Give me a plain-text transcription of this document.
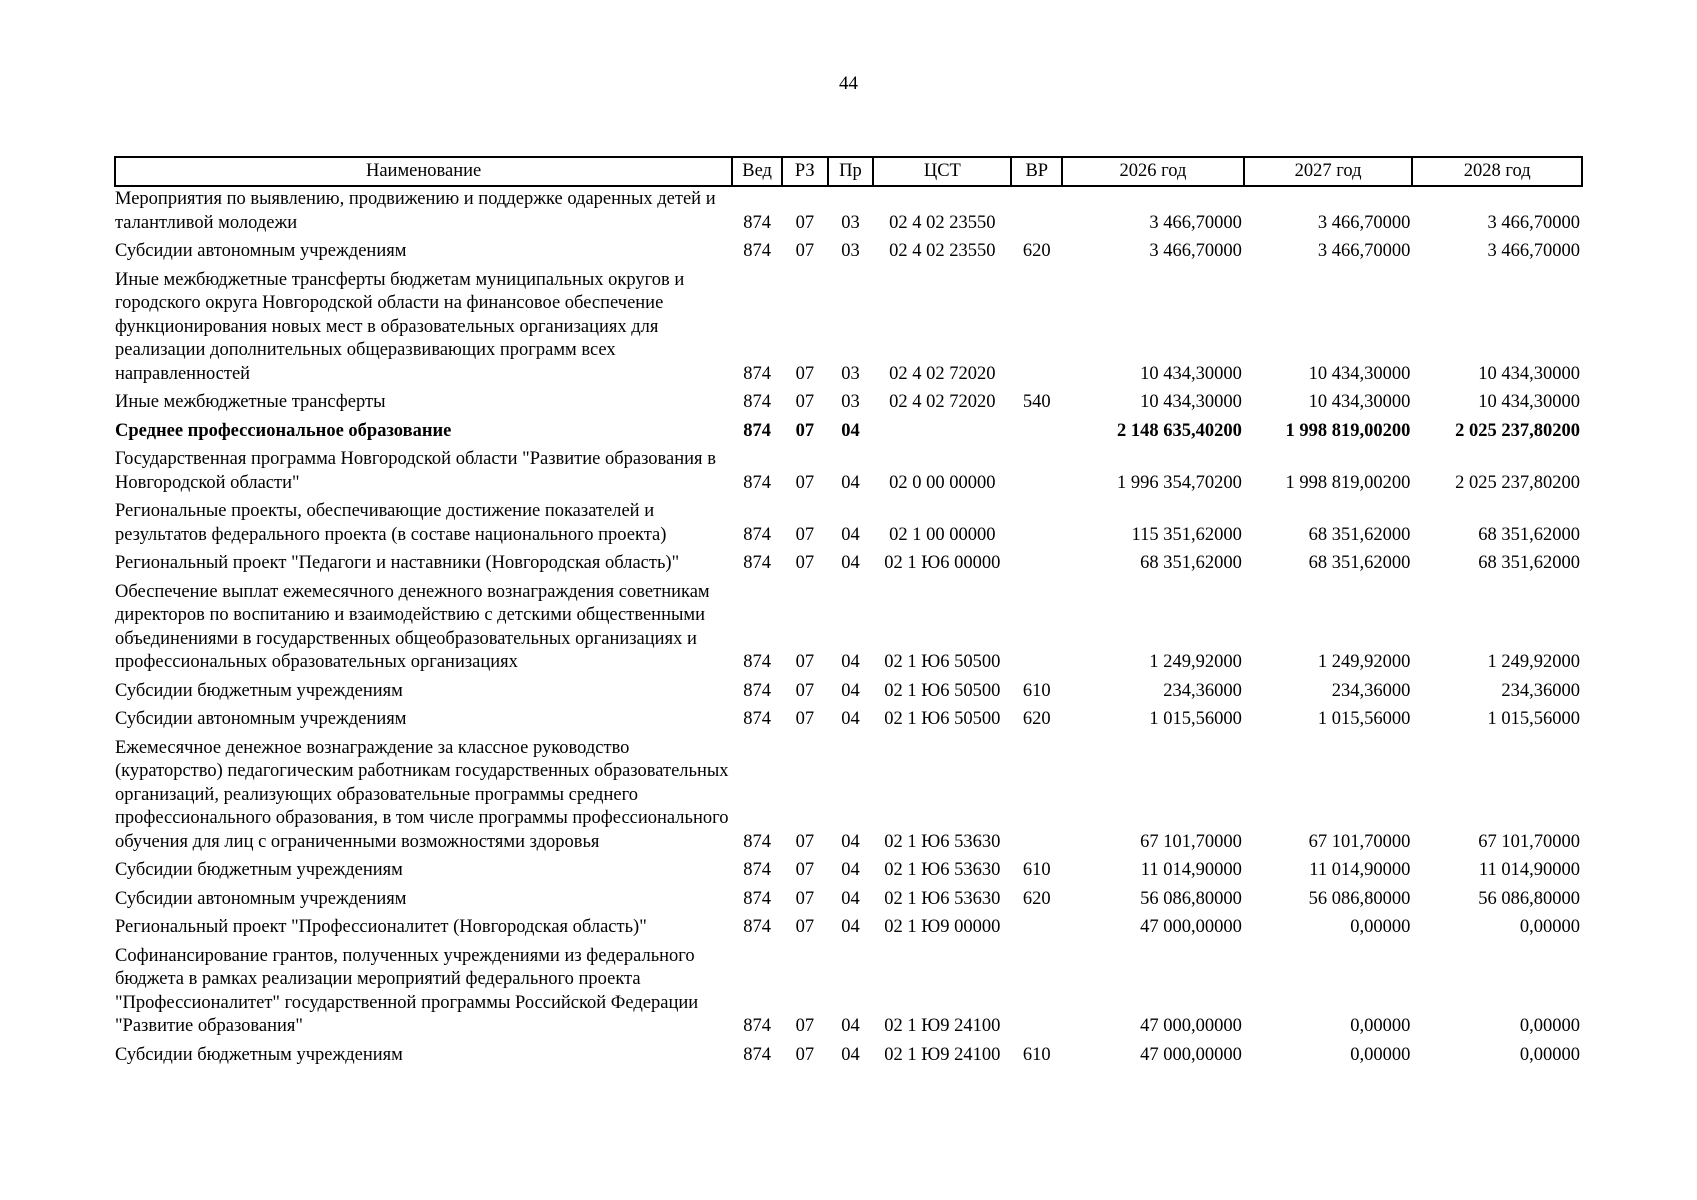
44
Наименование	Вед	РЗ	Пр	ЦСТ	ВР	2026 год	2027 год	2028 год
Мероприятия по выявлению, продвижению и поддержке одаренных детей и талантливой молодежи	874	07	03	02 4 02 23550		3 466,70000	3 466,70000	3 466,70000
Субсидии автономным учреждениям	874	07	03	02 4 02 23550	620	3 466,70000	3 466,70000	3 466,70000
Иные межбюджетные трансферты бюджетам муниципальных округов и городского округа Новгородской области на финансовое обеспечение функционирования новых мест в образовательных организациях для реализации дополнительных общеразвивающих программ всех направленностей	874	07	03	02 4 02 72020		10 434,30000	10 434,30000	10 434,30000
Иные межбюджетные трансферты	874	07	03	02 4 02 72020	540	10 434,30000	10 434,30000	10 434,30000
Среднее профессиональное образование	874	07	04			2 148 635,40200	1 998 819,00200	2 025 237,80200
Государственная программа Новгородской области "Развитие образования в Новгородской области"	874	07	04	02 0 00 00000		1 996 354,70200	1 998 819,00200	2 025 237,80200
Региональные проекты, обеспечивающие достижение показателей и результатов федерального проекта (в составе национального проекта)	874	07	04	02 1 00 00000		115 351,62000	68 351,62000	68 351,62000
Региональный проект "Педагоги и наставники (Новгородская область)"	874	07	04	02 1 Ю6 00000		68 351,62000	68 351,62000	68 351,62000
Обеспечение выплат ежемесячного денежного вознаграждения советникам директоров по воспитанию и взаимодействию с детскими общественными объединениями в государственных общеобразовательных организациях и профессиональных образовательных организациях	874	07	04	02 1 Ю6 50500		1 249,92000	1 249,92000	1 249,92000
Субсидии бюджетным учреждениям	874	07	04	02 1 Ю6 50500	610	234,36000	234,36000	234,36000
Субсидии автономным учреждениям	874	07	04	02 1 Ю6 50500	620	1 015,56000	1 015,56000	1 015,56000
Ежемесячное денежное вознаграждение за классное руководство (кураторство) педагогическим работникам государственных образовательных организаций, реализующих образовательные программы среднего профессионального образования, в том числе программы профессионального обучения для лиц с ограниченными возможностями здоровья	874	07	04	02 1 Ю6 53630		67 101,70000	67 101,70000	67 101,70000
Субсидии бюджетным учреждениям	874	07	04	02 1 Ю6 53630	610	11 014,90000	11 014,90000	11 014,90000
Субсидии автономным учреждениям	874	07	04	02 1 Ю6 53630	620	56 086,80000	56 086,80000	56 086,80000
Региональный проект "Профессионалитет (Новгородская область)"	874	07	04	02 1 Ю9 00000		47 000,00000	0,00000	0,00000
Софинансирование грантов, полученных учреждениями из федерального бюджета в рамках реализации мероприятий федерального проекта "Профессионалитет" государственной программы Российской Федерации "Развитие образования"	874	07	04	02 1 Ю9 24100		47 000,00000	0,00000	0,00000
Субсидии бюджетным учреждениям	874	07	04	02 1 Ю9 24100	610	47 000,00000	0,00000	0,00000
